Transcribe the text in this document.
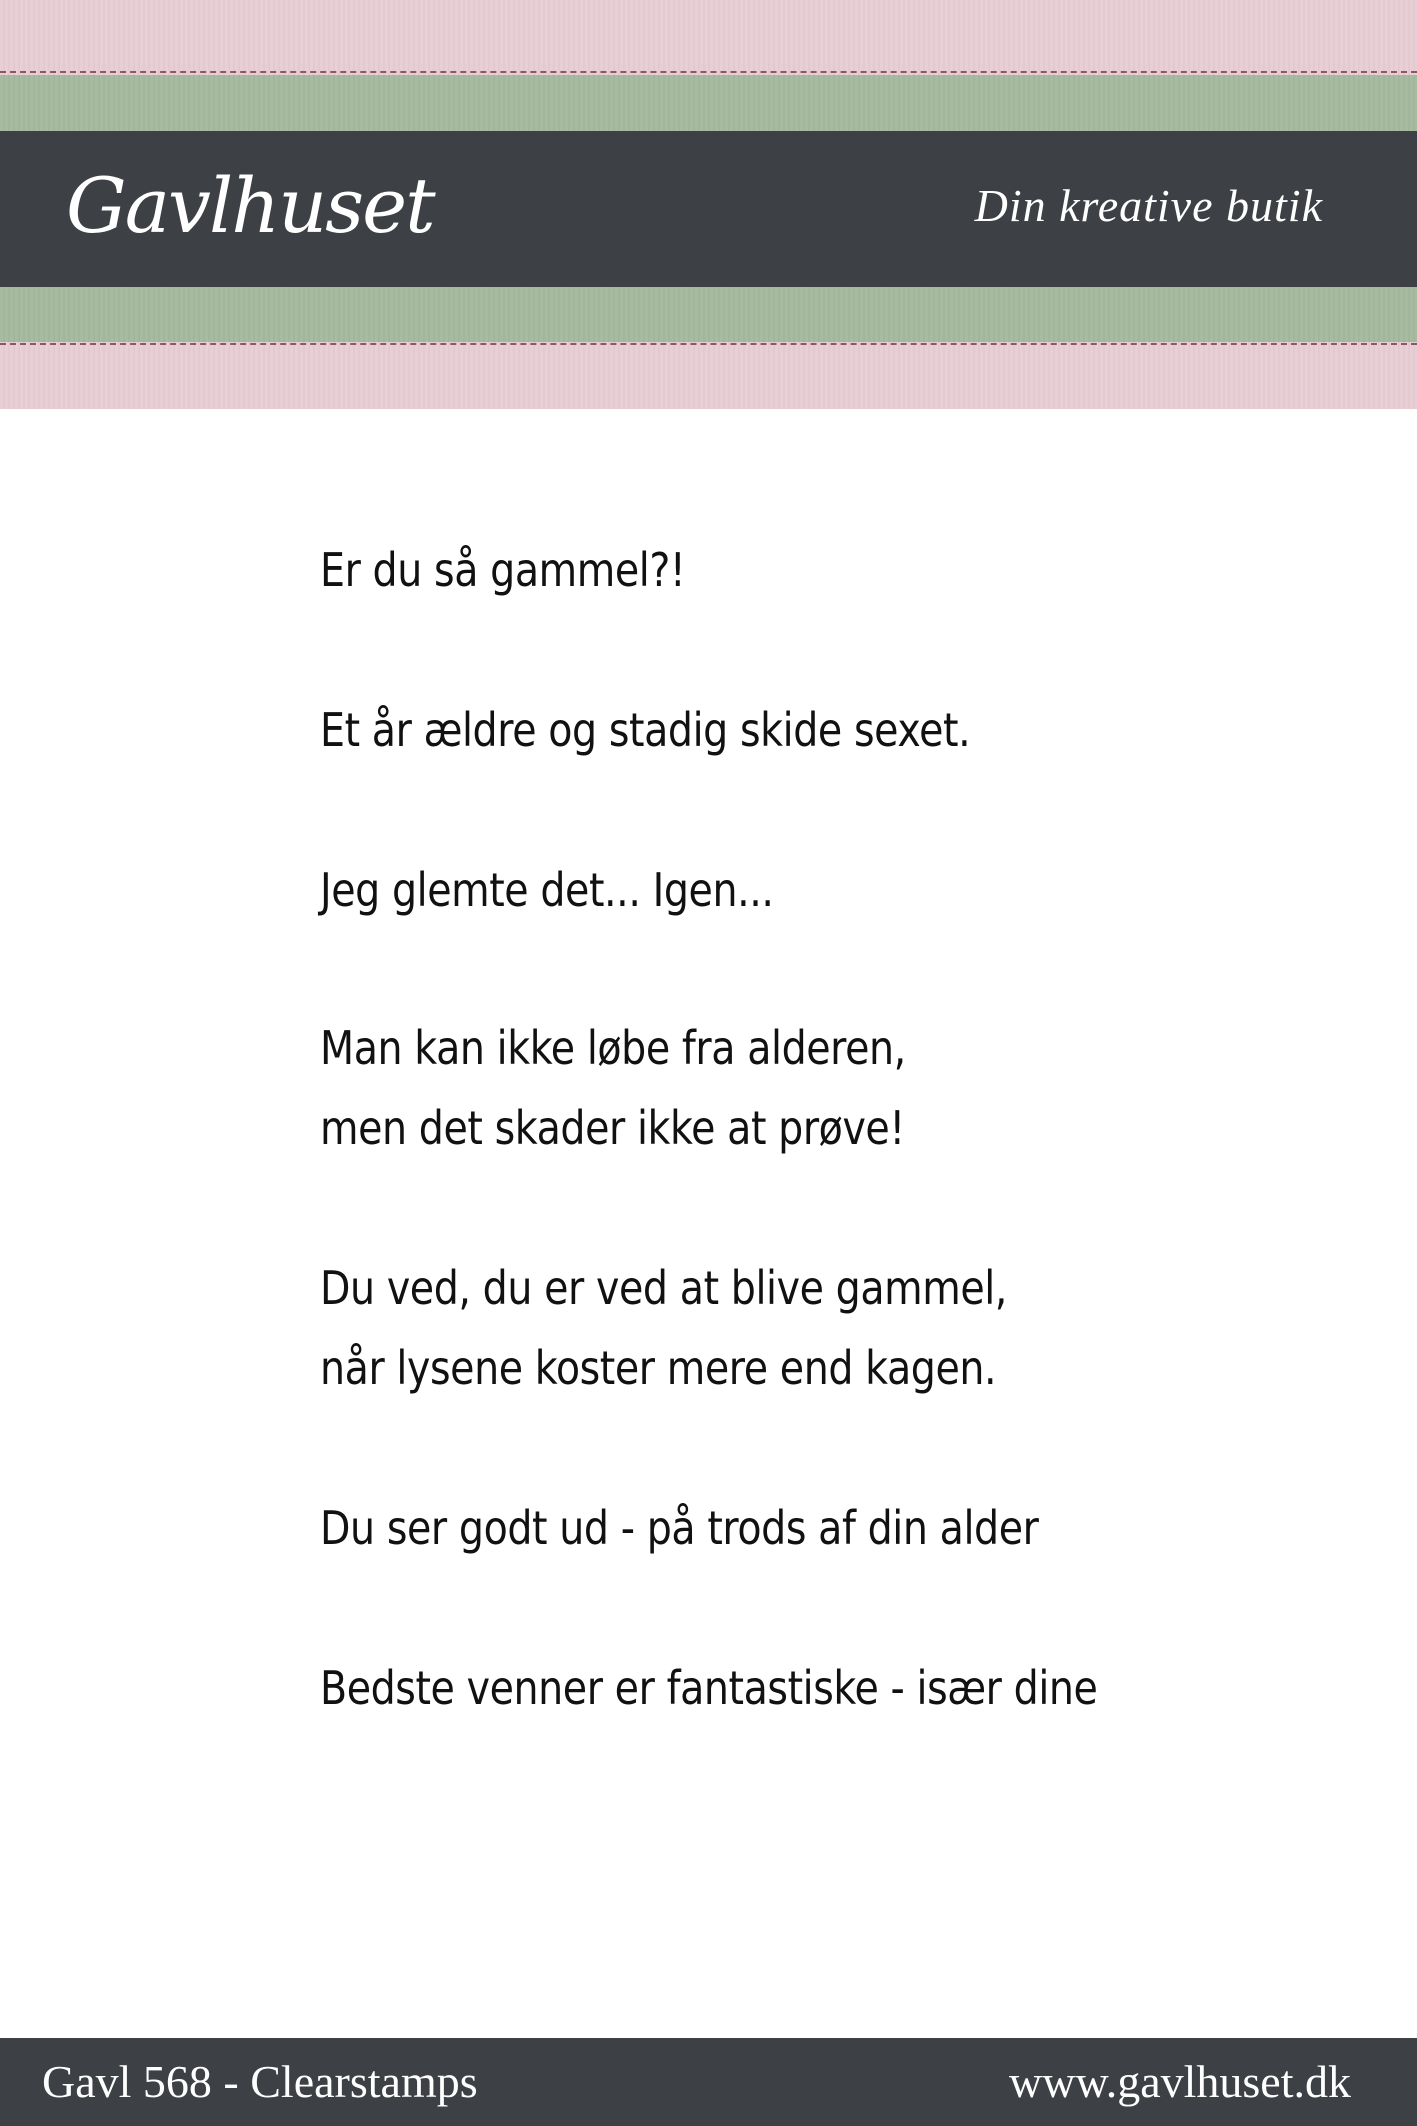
Gavlhuset	Din kreative butik
Er du så gammel?!
Et år ældre og stadig skide sexet.
Jeg glemte det... Igen...
Man kan ikke løbe fra alderen,
men det skader ikke at prøve!
Du ved, du er ved at blive gammel,
når lysene koster mere end kagen.
Du ser godt ud - på trods af din alder
Bedste venner er fantastiske - især dine
Gavl 568 - Clearstamps	www.gavlhuset.dk
